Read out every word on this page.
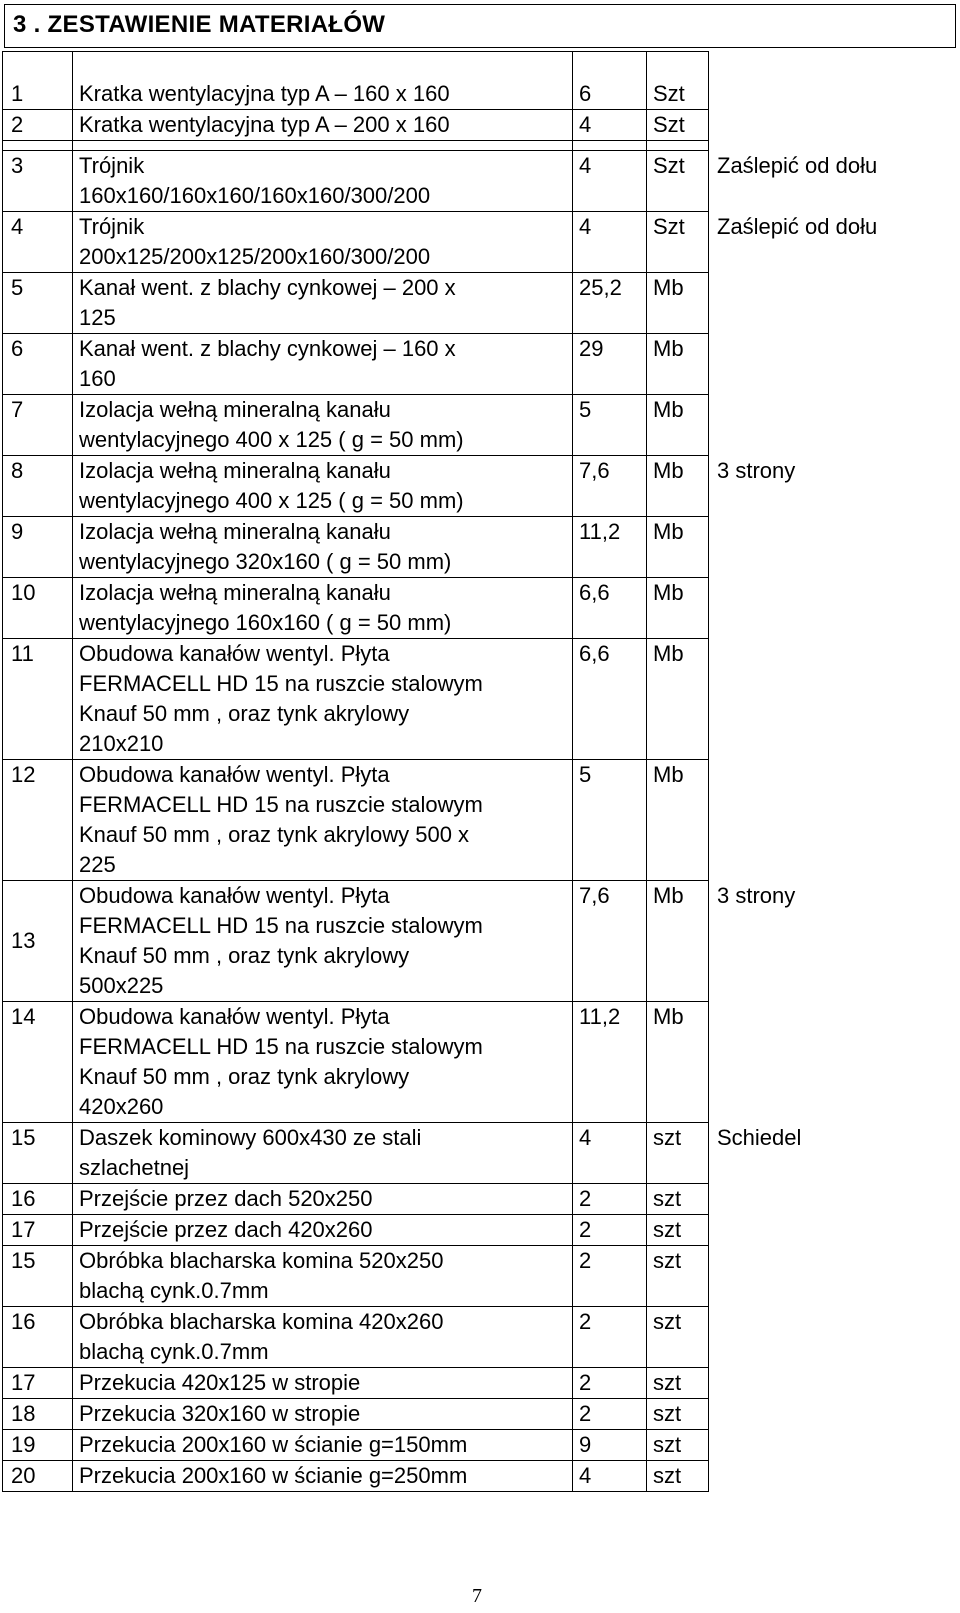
3 . ZESTAWIENIE MATERIAŁÓW
1	Kratka wentylacyjna typ A – 160 x 160	6	Szt	
2	Kratka wentylacyjna typ A – 200 x 160	4	Szt	

3	Trójnik
160x160/160x160/160x160/300/200	4	Szt	Zaślepić od dołu
4	Trójnik
200x125/200x125/200x160/300/200	4	Szt	Zaślepić od dołu
5	Kanał went. z blachy cynkowej – 200 x
125	25,2	Mb	
6	Kanał went. z blachy cynkowej – 160 x
160	29	Mb	
7	Izolacja wełną mineralną kanału
wentylacyjnego 400 x 125 ( g = 50 mm)	5	Mb	
8	Izolacja wełną mineralną kanału
wentylacyjnego 400 x 125 ( g = 50 mm)	7,6	Mb	3 strony
9	Izolacja wełną mineralną kanału
wentylacyjnego 320x160 ( g = 50 mm)	11,2	Mb	
10	Izolacja wełną mineralną kanału
wentylacyjnego 160x160 ( g = 50 mm)	6,6	Mb	
11	Obudowa kanałów wentyl. Płyta
FERMACELL HD 15 na ruszcie stalowym
Knauf 50 mm , oraz tynk akrylowy
210x210	6,6	Mb	
12	Obudowa kanałów wentyl. Płyta
FERMACELL HD 15 na ruszcie stalowym
Knauf 50 mm , oraz tynk akrylowy 500 x
225	5	Mb	
13	Obudowa kanałów wentyl. Płyta
FERMACELL HD 15 na ruszcie stalowym
Knauf 50 mm , oraz tynk akrylowy
500x225	7,6	Mb	3 strony
14	Obudowa kanałów wentyl. Płyta
FERMACELL HD 15 na ruszcie stalowym
Knauf 50 mm , oraz tynk akrylowy
420x260	11,2	Mb	
15	Daszek kominowy 600x430 ze stali
szlachetnej	4	szt	Schiedel
16	Przejście przez dach 520x250	2	szt	
17	Przejście przez dach 420x260	2	szt	
15	Obróbka blacharska komina 520x250
blachą cynk.0.7mm	2	szt	
16	Obróbka blacharska komina 420x260
blachą cynk.0.7mm	2	szt	
17	Przekucia 420x125 w stropie	2	szt	
18	Przekucia 320x160 w stropie	2	szt	
19	Przekucia 200x160 w ścianie g=150mm	9	szt	
20	Przekucia 200x160 w ścianie g=250mm	4	szt	
7
